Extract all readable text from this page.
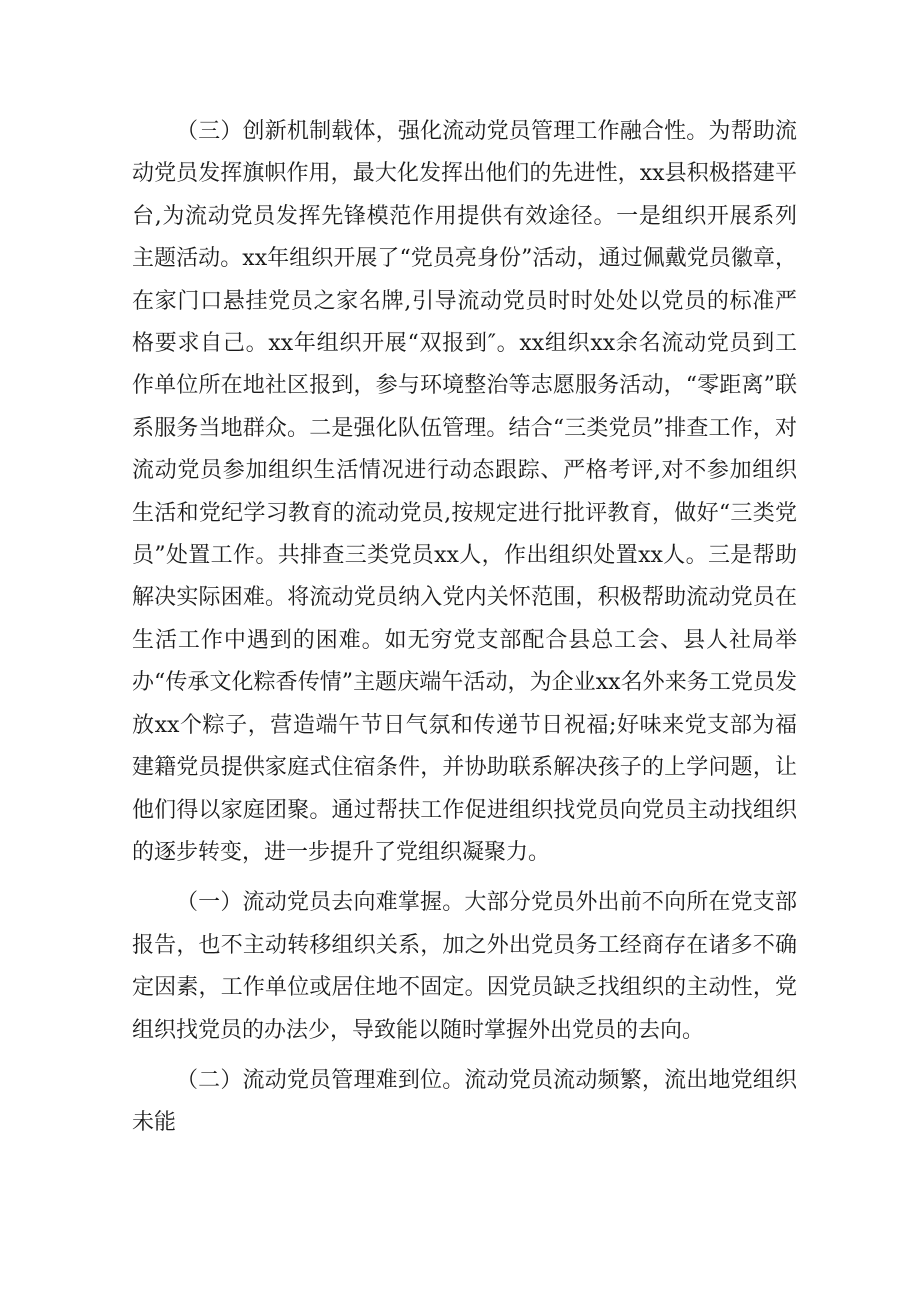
（三）创新机制载体，强化流动党员管理工作融合性。为帮助流动党员发挥旗帜作用，最大化发挥出他们的先进性，xx县积极搭建平台,为流动党员发挥先锋模范作用提供有效途径。一是组织开展系列主题活动。xx年组织开展了“党员亮身份”活动，通过佩戴党员徽章，在家门口悬挂党员之家名牌,引导流动党员时时处处以党员的标准严格要求自己。xx年组织开展“双报到″。xx组织xx余名流动党员到工作单位所在地社区报到，参与环境整治等志愿服务活动，“零距离”联系服务当地群众。二是强化队伍管理。结合“三类党员”排查工作，对流动党员参加组织生活情况进行动态跟踪、严格考评,对不参加组织生活和党纪学习教育的流动党员,按规定进行批评教育，做好“三类党员”处置工作。共排查三类党员xx人，作出组织处置xx人。三是帮助解决实际困难。将流动党员纳入党内关怀范围，积极帮助流动党员在生活工作中遇到的困难。如无穷党支部配合县总工会、县人社局举办“传承文化粽香传情”主题庆端午活动，为企业xx名外来务工党员发放xx个粽子，营造端午节日气氛和传递节日祝福;好味来党支部为福建籍党员提供家庭式住宿条件，并协助联系解决孩子的上学问题，让他们得以家庭团聚。通过帮扶工作促进组织找党员向党员主动找组织的逐步转变，进一步提升了党组织凝聚力。

（一）流动党员去向难掌握。大部分党员外出前不向所在党支部报告，也不主动转移组织关系，加之外出党员务工经商存在诸多不确定因素，工作单位或居住地不固定。因党员缺乏找组织的主动性，党组织找党员的办法少，导致能以随时掌握外出党员的去向。

（二）流动党员管理难到位。流动党员流动频繁，流出地党组织未能
